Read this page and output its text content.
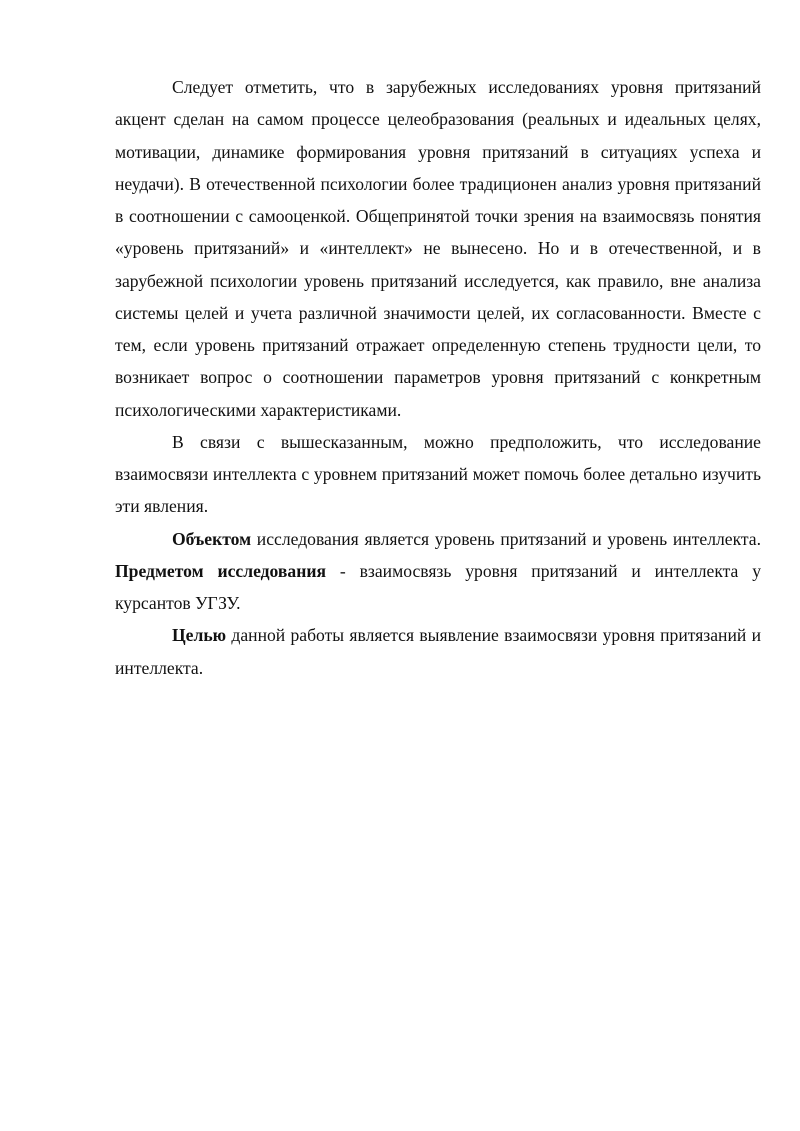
Следует отметить, что в зарубежных исследованиях уровня притязаний акцент сделан на самом процессе целеобразования (реальных и идеальных целях, мотивации, динамике формирования уровня притязаний в ситуациях успеха и неудачи). В отечественной психологии более традиционен анализ уровня притязаний в соотношении с самооценкой. Общепринятой точки зрения на взаимосвязь понятия «уровень притязаний» и «интеллект» не вынесено. Но и в отечественной, и в зарубежной психологии уровень притязаний исследуется, как правило, вне анализа системы целей и учета различной значимости целей, их согласованности. Вместе с тем, если уровень притязаний отражает определенную степень трудности цели, то возникает вопрос о соотношении параметров уровня притязаний с конкретным психологическими характеристиками.

В связи с вышесказанным, можно предположить, что исследование взаимосвязи интеллекта с уровнем притязаний может помочь более детально изучить эти явления.

Объектом исследования является уровень притязаний и уровень интеллекта. Предметом исследования - взаимосвязь уровня притязаний и интеллекта у курсантов УГЗУ.

Целью данной работы является выявление взаимосвязи уровня притязаний и интеллекта.
